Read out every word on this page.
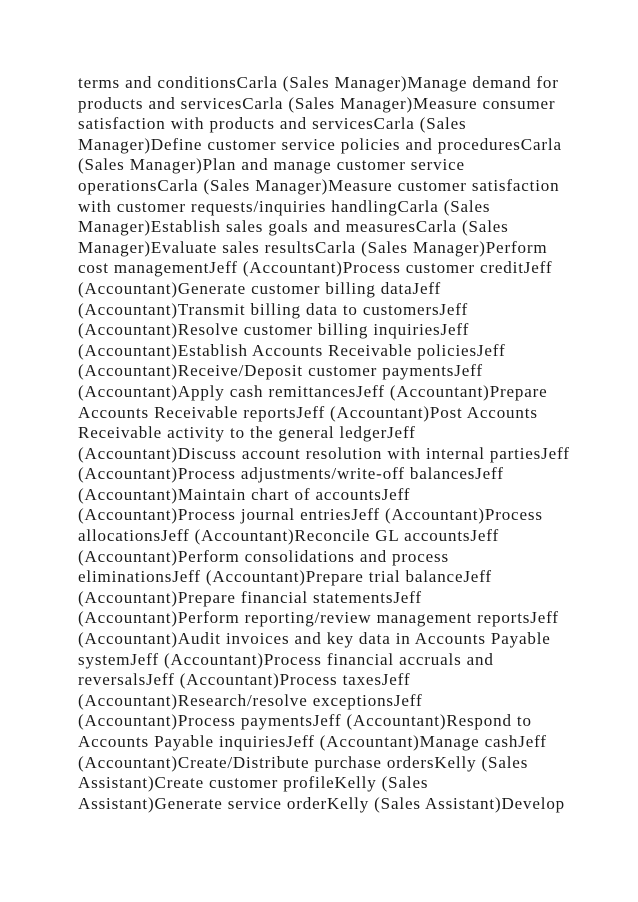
terms and conditionsCarla (Sales Manager)Manage demand for
products and servicesCarla (Sales Manager)Measure consumer
satisfaction with products and servicesCarla (Sales
Manager)Define customer service policies and proceduresCarla
(Sales Manager)Plan and manage customer service
operationsCarla (Sales Manager)Measure customer satisfaction
with customer requests/inquiries handlingCarla (Sales
Manager)Establish sales goals and measuresCarla (Sales
Manager)Evaluate sales resultsCarla (Sales Manager)Perform
cost managementJeff (Accountant)Process customer creditJeff
(Accountant)Generate customer billing dataJeff
(Accountant)Transmit billing data to customersJeff
(Accountant)Resolve customer billing inquiriesJeff
(Accountant)Establish Accounts Receivable policiesJeff
(Accountant)Receive/Deposit customer paymentsJeff
(Accountant)Apply cash remittancesJeff (Accountant)Prepare
Accounts Receivable reportsJeff (Accountant)Post Accounts
Receivable activity to the general ledgerJeff
(Accountant)Discuss account resolution with internal partiesJeff
(Accountant)Process adjustments/write-off balancesJeff
(Accountant)Maintain chart of accountsJeff
(Accountant)Process journal entriesJeff (Accountant)Process
allocationsJeff (Accountant)Reconcile GL accountsJeff
(Accountant)Perform consolidations and process
eliminationsJeff (Accountant)Prepare trial balanceJeff
(Accountant)Prepare financial statementsJeff
(Accountant)Perform reporting/review management reportsJeff
(Accountant)Audit invoices and key data in Accounts Payable
systemJeff (Accountant)Process financial accruals and
reversalsJeff (Accountant)Process taxesJeff
(Accountant)Research/resolve exceptionsJeff
(Accountant)Process paymentsJeff (Accountant)Respond to
Accounts Payable inquiriesJeff (Accountant)Manage cashJeff
(Accountant)Create/Distribute purchase ordersKelly (Sales
Assistant)Create customer profileKelly (Sales
Assistant)Generate service orderKelly (Sales Assistant)Develop
